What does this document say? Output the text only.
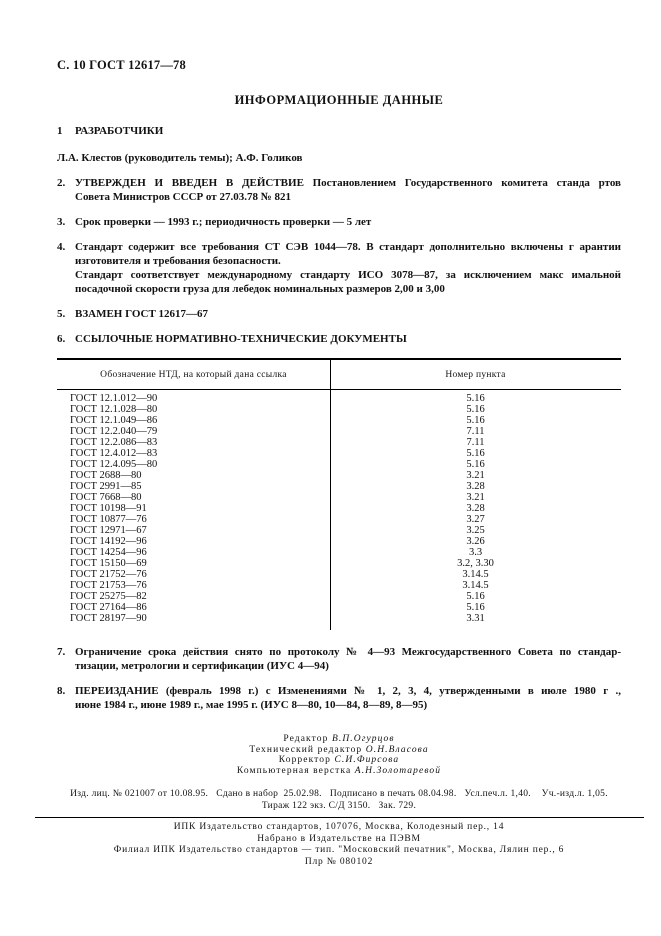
С. 10 ГОСТ 12617—78
ИНФОРМАЦИОННЫЕ ДАННЫЕ
1	РАЗРАБОТЧИКИ
Л.А. Клестов (руководитель темы); А.Ф. Голиков
2. УТВЕРЖДЕН И ВВЕДЕН В ДЕЙСТВИЕ Постановлением Государственного комитета станда ртов
Совета Министров СССР от 27.03.78 № 821
3. Срок проверки — 1993 г.; периодичность проверки — 5 лет
4. Стандарт содержит все требования СТ СЭВ 1044—78. В стандарт дополнительно включены г арантии
изготовителя и требования безопасности.
Стандарт соответствует международному стандарту ИСО 3078—87, за исключением макс имальной
посадочной скорости груза для лебедок номинальных размеров 2,00 и 3,00
5. ВЗАМЕН ГОСТ 12617—67
6. ССЫЛОЧНЫЕ НОРМАТИВНО-ТЕХНИЧЕСКИЕ ДОКУМЕНТЫ
Обозначение НТД, на который дана ссылка	Номер пункта
ГОСТ 12.1.012—90	5.16
ГОСТ 12.1.028—80	5.16
ГОСТ 12.1.049—86	5.16
ГОСТ 12.2.040—79	7.11
ГОСТ 12.2.086—83	7.11
ГОСТ 12.4.012—83	5.16
ГОСТ 12.4.095—80	5.16
ГОСТ 2688—80	3.21
ГОСТ 2991—85	3.28
ГОСТ 7668—80	3.21
ГОСТ 10198—91	3.28
ГОСТ 10877—76	3.27
ГОСТ 12971—67	3.25
ГОСТ 14192—96	3.26
ГОСТ 14254—96	3.3
ГОСТ 15150—69	3.2, 3.30
ГОСТ 21752—76	3.14.5
ГОСТ 21753—76	3.14.5
ГОСТ 25275—82	5.16
ГОСТ 27164—86	5.16
ГОСТ 28197—90	3.31
7. Ограничение срока действия снято по протоколу № 4—93 Межгосударственного Совета по стандар-
тизации, метрологии и сертификации (ИУС 4—94)
8. ПЕРЕИЗДАНИЕ (февраль 1998 г.) с Изменениями № 1, 2, 3, 4, утвержденными в июле 1980 г .,
июне 1984 г., июне 1989 г., мае 1995 г. (ИУС 8—80, 10—84, 8—89, 8—95)
Редактор В.П.Огурцов
Технический редактор О.Н.Власова
Корректор С.И.Фирсова
Компьютерная верстка А.Н.Золотаревой
Изд. лиц. № 021007 от 10.08.95.   Сдано в набор  25.02.98.   Подписано в печать 08.04.98.   Усл.печ.л. 1,40.    Уч.-изд.л. 1,05.
Тираж 122 экз. С/Д 3150.   Зак. 729.
ИПК Издательство стандартов, 107076, Москва, Колодезный пер., 14
Набрано в Издательстве на ПЭВМ
Филиал ИПК Издательство стандартов — тип. "Московский печатник", Москва, Лялин пер., 6
Плр № 080102
